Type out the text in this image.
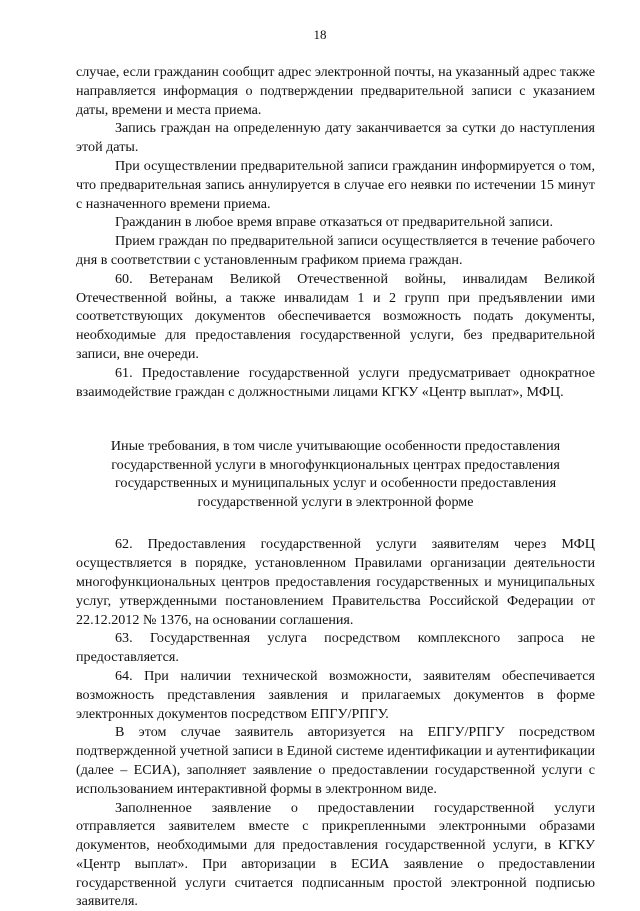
18

случае, если гражданин сообщит адрес электронной почты, на указанный адрес также направляется информация о подтверждении предварительной записи с указанием даты, времени и места приема.

Запись граждан на определенную дату заканчивается за сутки до наступления этой даты.

При осуществлении предварительной записи гражданин информируется о том, что предварительная запись аннулируется в случае его неявки по истечении 15 минут с назначенного времени приема.

Гражданин в любое время вправе отказаться от предварительной записи.

Прием граждан по предварительной записи осуществляется в течение рабочего дня в соответствии с установленным графиком приема граждан.

60. Ветеранам Великой Отечественной войны, инвалидам Великой Отечественной войны, а также инвалидам 1 и 2 групп при предъявлении ими соответствующих документов обеспечивается возможность подать документы, необходимые для предоставления государственной услуги, без предварительной записи, вне очереди.

61. Предоставление государственной услуги предусматривает однократное взаимодействие граждан с должностными лицами КГКУ «Центр выплат», МФЦ.

Иные требования, в том числе учитывающие особенности предоставления государственной услуги в многофункциональных центрах предоставления государственных и муниципальных услуг и особенности предоставления государственной услуги в электронной форме

62. Предоставления государственной услуги заявителям через МФЦ осуществляется в порядке, установленном Правилами организации деятельности многофункциональных центров предоставления государственных и муниципальных услуг, утвержденными постановлением Правительства Российской Федерации от 22.12.2012 № 1376, на основании соглашения.

63. Государственная услуга посредством комплексного запроса не предоставляется.

64. При наличии технической возможности, заявителям обеспечивается возможность представления заявления и прилагаемых документов в форме электронных документов посредством ЕПГУ/РПГУ.

В этом случае заявитель авторизуется на ЕПГУ/РПГУ посредством подтвержденной учетной записи в Единой системе идентификации и аутентификации (далее – ЕСИА), заполняет заявление о предоставлении государственной услуги с использованием интерактивной формы в электронном виде.

Заполненное заявление о предоставлении государственной услуги отправляется заявителем вместе с прикрепленными электронными образами документов, необходимыми для предоставления государственной услуги, в КГКУ «Центр выплат». При авторизации в ЕСИА заявление о предоставлении государственной услуги считается подписанным простой электронной подписью заявителя.
